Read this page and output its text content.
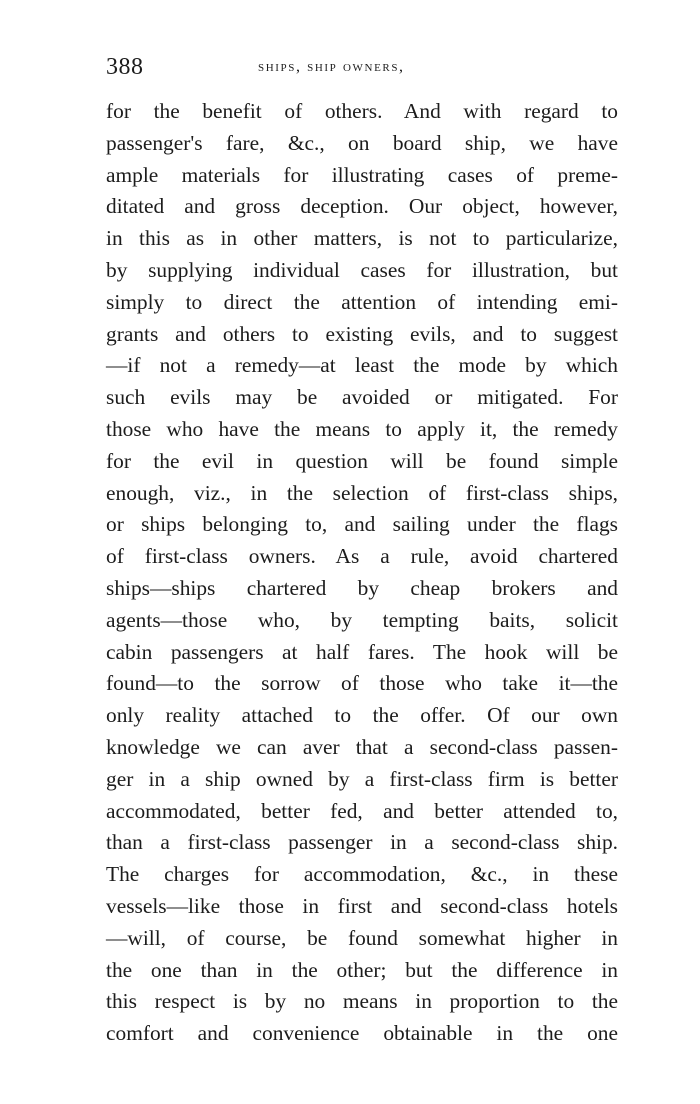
388	ships, ship owners,
for the benefit of others. And with regard to
passenger's fare, &c., on board ship, we have
ample materials for illustrating cases of preme-
ditated and gross deception. Our object, however,
in this as in other matters, is not to particularize,
by supplying individual cases for illustration, but
simply to direct the attention of intending emi-
grants and others to existing evils, and to suggest
—if not a remedy—at least the mode by which
such evils may be avoided or mitigated. For
those who have the means to apply it, the remedy
for the evil in question will be found simple
enough, viz., in the selection of first-class ships,
or ships belonging to, and sailing under the flags
of first-class owners. As a rule, avoid chartered
ships—ships chartered by cheap brokers and
agents—those who, by tempting baits, solicit
cabin passengers at half fares. The hook will be
found—to the sorrow of those who take it—the
only reality attached to the offer. Of our own
knowledge we can aver that a second-class passen-
ger in a ship owned by a first-class firm is better
accommodated, better fed, and better attended to,
than a first-class passenger in a second-class ship.
The charges for accommodation, &c., in these
vessels—like those in first and second-class hotels
—will, of course, be found somewhat higher in
the one than in the other; but the difference in
this respect is by no means in proportion to the
comfort and convenience obtainable in the one
